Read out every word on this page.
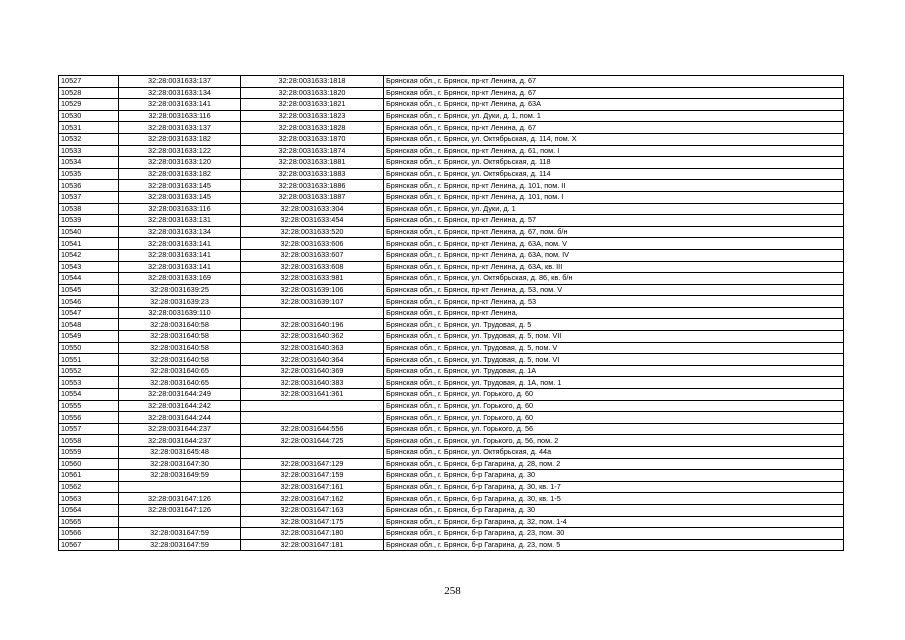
10527	32:28:0031633:137	32:28:0031633:1818	Брянская обл., г. Брянск, пр-кт Ленина, д. 67
10528	32:28:0031633:134	32:28:0031633:1820	Брянская обл., г. Брянск, пр-кт Ленина, д. 67
10529	32:28:0031633:141	32:28:0031633:1821	Брянская обл., г. Брянск, пр-кт Ленина, д. 63А
10530	32:28:0031633:116	32:28:0031633:1823	Брянская обл., г. Брянск, ул. Дуки, д. 1, пом. 1
10531	32:28:0031633:137	32:28:0031633:1828	Брянская обл., г. Брянск, пр-кт Ленина, д. 67
10532	32:28:0031633:182	32:28:0031633:1870	Брянская обл., г. Брянск, ул. Октябрьская, д. 114, пом. X
10533	32:28:0031633:122	32:28:0031633:1874	Брянская обл., г. Брянск, пр-кт Ленина, д. 61, пом. I
10534	32:28:0031633:120	32:28:0031633:1881	Брянская обл., г. Брянск, ул. Октябрьская, д. 118
10535	32:28:0031633:182	32:28:0031633:1883	Брянская обл., г. Брянск, ул. Октябрьская, д. 114
10536	32:28:0031633:145	32:28:0031633:1886	Брянская обл., г. Брянск, пр-кт Ленина, д. 101, пом. II
10537	32:28:0031633:145	32:28:0031633:1887	Брянская обл., г. Брянск, пр-кт Ленина, д. 101, пом. I
10538	32:28:0031633:116	32:28:0031633:304	Брянская обл., г. Брянск, ул. Дуки, д. 1
10539	32:28:0031633:131	32:28:0031633:454	Брянская обл., г. Брянск, пр-кт Ленина, д. 57
10540	32:28:0031633:134	32:28:0031633:520	Брянская обл., г. Брянск, пр-кт Ленина, д. 67, пом. б/н
10541	32:28:0031633:141	32:28:0031633:606	Брянская обл., г. Брянск, пр-кт Ленина, д. 63А, пом. V
10542	32:28:0031633:141	32:28:0031633:607	Брянская обл., г. Брянск, пр-кт Ленина, д. 63А, пом. IV
10543	32:28:0031633:141	32:28:0031633:608	Брянская обл., г. Брянск, пр-кт Ленина, д. 63А, кв. III
10544	32:28:0031633:169	32:28:0031633:981	Брянская обл., г. Брянск, ул. Октябрьская, д. 86, кв. б/н
10545	32:28:0031639:25	32:28:0031639:106	Брянская обл., г. Брянск, пр-кт Ленина, д. 53, пом. V
10546	32:28:0031639:23	32:28:0031639:107	Брянская обл., г. Брянск, пр-кт Ленина, д. 53
10547	32:28:0031639:110		Брянская обл., г. Брянск, пр-кт Ленина,
10548	32:28:0031640:58	32:28:0031640:196	Брянская обл., г. Брянск, ул. Трудовая, д. 5
10549	32:28:0031640:58	32:28:0031640:362	Брянская обл., г. Брянск, ул. Трудовая, д. 5, пом. VII
10550	32:28:0031640:58	32:28:0031640:363	Брянская обл., г. Брянск, ул. Трудовая, д. 5, пом. V
10551	32:28:0031640:58	32:28:0031640:364	Брянская обл., г. Брянск, ул. Трудовая, д. 5, пом. VI
10552	32:28:0031640:65	32:28:0031640:369	Брянская обл., г. Брянск, ул. Трудовая, д. 1А
10553	32:28:0031640:65	32:28:0031640:383	Брянская обл., г. Брянск, ул. Трудовая, д. 1А, пом. 1
10554	32:28:0031644:249	32:28:0031641:361	Брянская обл., г. Брянск, ул. Горького, д. 60
10555	32:28:0031644:242		Брянская обл., г. Брянск, ул. Горького, д. 60
10556	32:28:0031644:244		Брянская обл., г. Брянск, ул. Горького, д. 60
10557	32:28:0031644:237	32:28:0031644:556	Брянская обл., г. Брянск, ул. Горького, д. 56
10558	32:28:0031644:237	32:28:0031644:725	Брянская обл., г. Брянск, ул. Горького, д. 56, пом. 2
10559	32:28:0031645:48		Брянская обл., г. Брянск, ул. Октябрьская, д. 44а
10560	32:28:0031647:30	32:28:0031647:129	Брянская обл., г. Брянск, б-р Гагарина, д. 28, пом. 2
10561	32:28:0031649:59	32:28:0031647:159	Брянская обл., г. Брянск, б-р Гагарина, д. 30
10562		32:28:0031647:161	Брянская обл., г. Брянск, б-р Гагарина, д. 30, кв. 1-7
10563	32:28:0031647:126	32:28:0031647:162	Брянская обл., г. Брянск, б-р Гагарина, д. 30, кв. 1-5
10564	32:28:0031647:126	32:28:0031647:163	Брянская обл., г. Брянск, б-р Гагарина, д. 30
10565		32:28:0031647:175	Брянская обл., г. Брянск, б-р Гагарина, д. 32, пом. 1-4
10566	32:28:0031647:59	32:28:0031647:180	Брянская обл., г. Брянск, б-р Гагарина, д. 23, пом. 30
10567	32:28:0031647:59	32:28:0031647:181	Брянская обл., г. Брянск, б-р Гагарина, д. 23, пом. 5
258
